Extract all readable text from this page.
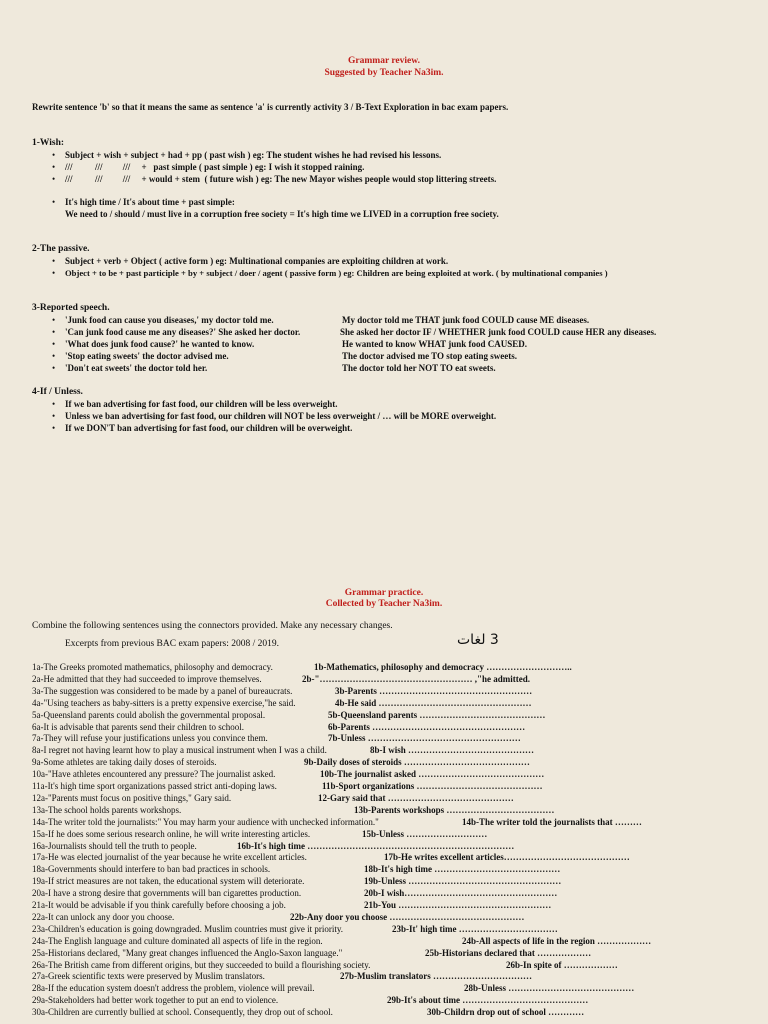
Grammar review.
Suggested by Teacher Na3im.
Rewrite sentence 'b' so that it means the same as sentence 'a' is currently activity 3 / B-Text Exploration in bac exam papers.
1-Wish:
• Subject + wish + subject + had + pp ( past wish ) eg: The student wishes he had revised his lessons.
• ///          ///         ///     +   past simple ( past simple ) eg: I wish it stopped raining.
• ///          ///         ///     + would + stem  ( future wish ) eg: The new Mayor wishes people would stop littering streets.
• It's high time / It's about time + past simple:
We need to / should / must live in a corruption free society = It's high time we LIVED in a corruption free society.
2-The passive.
• Subject + verb + Object ( active form ) eg: Multinational companies are exploiting children at work.
• Object + to be + past participle + by + subject / doer / agent ( passive form ) eg: Children are being exploited at work. ( by multinational companies )
3-Reported speech.
• 'Junk food can cause you diseases,' my doctor told me.	My doctor told me THAT junk food COULD cause ME diseases.
• 'Can junk food cause me any diseases?' She asked her doctor.	She asked her doctor IF / WHETHER junk food COULD cause HER any diseases.
• 'What does junk food cause?' he wanted to know.	He wanted to know WHAT junk food CAUSED.
• 'Stop eating sweets' the doctor advised me.	The doctor advised me TO stop eating sweets.
• 'Don't eat sweets' the doctor told her.	The doctor told her NOT TO eat sweets.
4-If / Unless.
• If we ban advertising for fast food, our children will be less overweight.
• Unless we ban advertising for fast food, our children will NOT be less overweight / … will be MORE overweight.
• If we DON'T ban advertising for fast food, our children will be overweight.
Grammar practice.
Collected by Teacher Na3im.
Combine the following sentences using the connectors provided. Make any necessary changes.
Excerpts from previous BAC exam papers: 2008 / 2019.	3 لغات
1a-The Greeks promoted mathematics, philosophy and democracy.	1b-Mathematics, philosophy and democracy ………………………..
2a-He admitted that they had succeeded to improve themselves.	2b-"…………………………………………… ,"he admitted.
3a-The suggestion was considered to be made by a panel of bureaucrats.	3b-Parents ……………………………………………
4a-"Using teachers as baby-sitters is a pretty expensive exercise,"he said.	4b-He said ……………………………………………
5a-Queensland parents could abolish the governmental proposal.	5b-Queensland parents ……………………………………
6a-It is advisable that parents send their children to school.	6b-Parents ……………………………………………
7a-They will refuse your justifications unless you convince them.	7b-Unless ……………………………………………
8a-I regret not having learnt how to play a musical instrument when I was a child.	8b-I wish ……………………………………
9a-Some athletes are taking daily doses of steroids.	9b-Daily doses of steroids ……………………………………
10a-"Have athletes encountered any pressure? The journalist asked.	10b-The journalist asked ……………………………………
11a-It's high time sport organizations passed strict anti-doping laws.	11b-Sport organizations ……………………………………
12a-"Parents must focus on positive things," Gary said.	12-Gary said that ……………………………………
13a-The school holds parents workshops.	13b-Parents workshops ………………………………
14a-The writer told the journalists:" You may harm your audience with unchecked information."	14b-The writer told the journalists that ………
15a-If he does some serious research online, he will write interesting articles.	15b-Unless ………………………
16a-Journalists should tell the truth to people.	16b-It's high time ……………………………………………………………
17a-He was elected journalist of the year because he write excellent articles.	17b-He writes excellent articles……………………………………
18a-Governments should interfere to ban bad practices in schools.	18b-It's high time ……………………………………
19a-If strict measures are not taken, the educational system will deteriorate.	19b-Unless ……………………………………………
20a-I have a strong desire that governments will ban cigarettes production.	20b-I wish……………………………………………
21a-It would be advisable if you think carefully before choosing a job.	21b-You ……………………………………………
22a-It can unlock any door you choose.	22b-Any door you choose ………………………………………
23a-Children's education is going downgraded. Muslim countries must give it priority.	23b-It' high time ……………………………
24a-The English language and culture dominated all aspects of life in the region.	24b-All aspects of life in the region ………………
25a-Historians declared, "Many great changes influenced the Anglo-Saxon language."	25b-Historians declared that ………………
26a-The British came from different origins, but they succeeded to build a flourishing society.	26b-In spite of ………………
27a-Greek scientific texts were preserved by Muslim translators.	27b-Muslim translators ……………………………
28a-If the education system doesn't address the problem, violence will prevail.	28b-Unless ……………………………………
29a-Stakeholders had better work together to put an end to violence.	29b-It's about time ……………………………………
30a-Children are currently bullied at school. Consequently, they drop out of school.	30b-Childrn drop out of school …………
